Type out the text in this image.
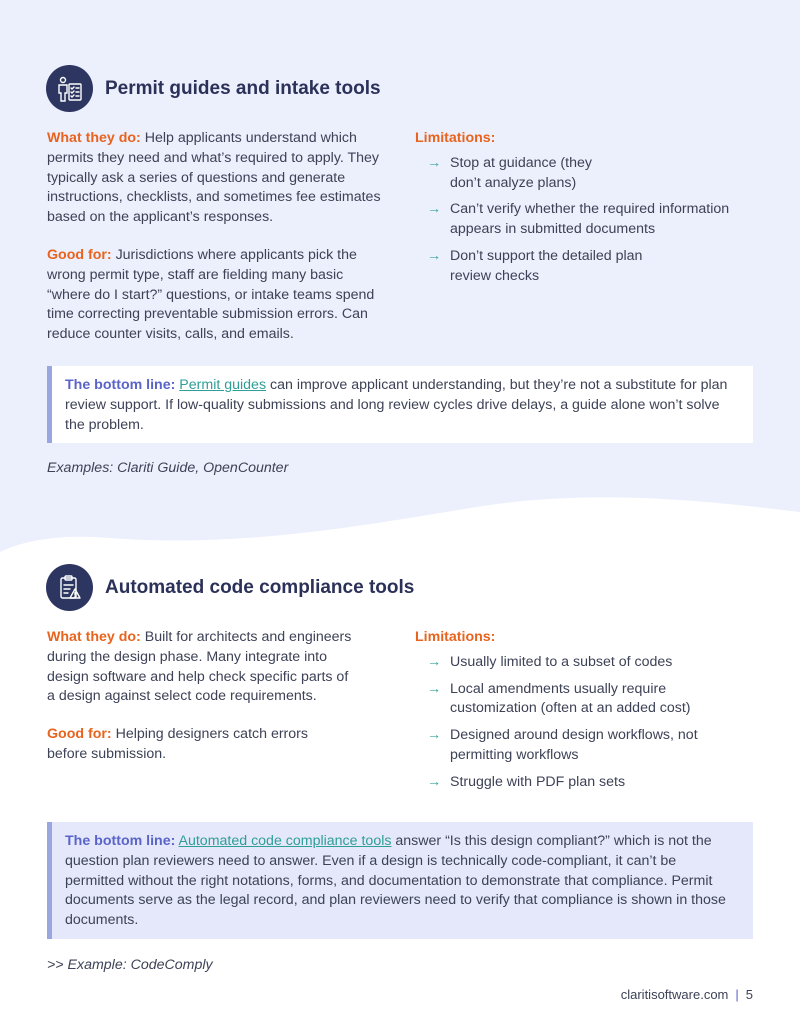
Permit guides and intake tools

What they do: Help applicants understand which permits they need and what’s required to apply. They typically ask a series of questions and generate instructions, checklists, and sometimes fee estimates based on the applicant’s responses.

Good for: Jurisdictions where applicants pick the wrong permit type, staff are fielding many basic “where do I start?” questions, or intake teams spend time correcting preventable submission errors. Can reduce counter visits, calls, and emails.

Limitations:
→ Stop at guidance (they don’t analyze plans)
→ Can’t verify whether the required information appears in submitted documents
→ Don’t support the detailed plan review checks
The bottom line: Permit guides can improve applicant understanding, but they’re not a substitute for plan review support. If low-quality submissions and long review cycles drive delays, a guide alone won’t solve the problem.
Examples: Clariti Guide, OpenCounter
Automated code compliance tools

What they do: Built for architects and engineers during the design phase. Many integrate into design software and help check specific parts of a design against select code requirements.

Good for: Helping designers catch errors before submission.

Limitations:
→ Usually limited to a subset of codes
→ Local amendments usually require customization (often at an added cost)
→ Designed around design workflows, not permitting workflows
→ Struggle with PDF plan sets
The bottom line: Automated code compliance tools answer “Is this design compliant?” which is not the question plan reviewers need to answer. Even if a design is technically code-compliant, it can’t be permitted without the right notations, forms, and documentation to demonstrate that compliance. Permit documents serve as the legal record, and plan reviewers need to verify that compliance is shown in those documents.
>> Example: CodeComply
claritisoftware.com | 5
